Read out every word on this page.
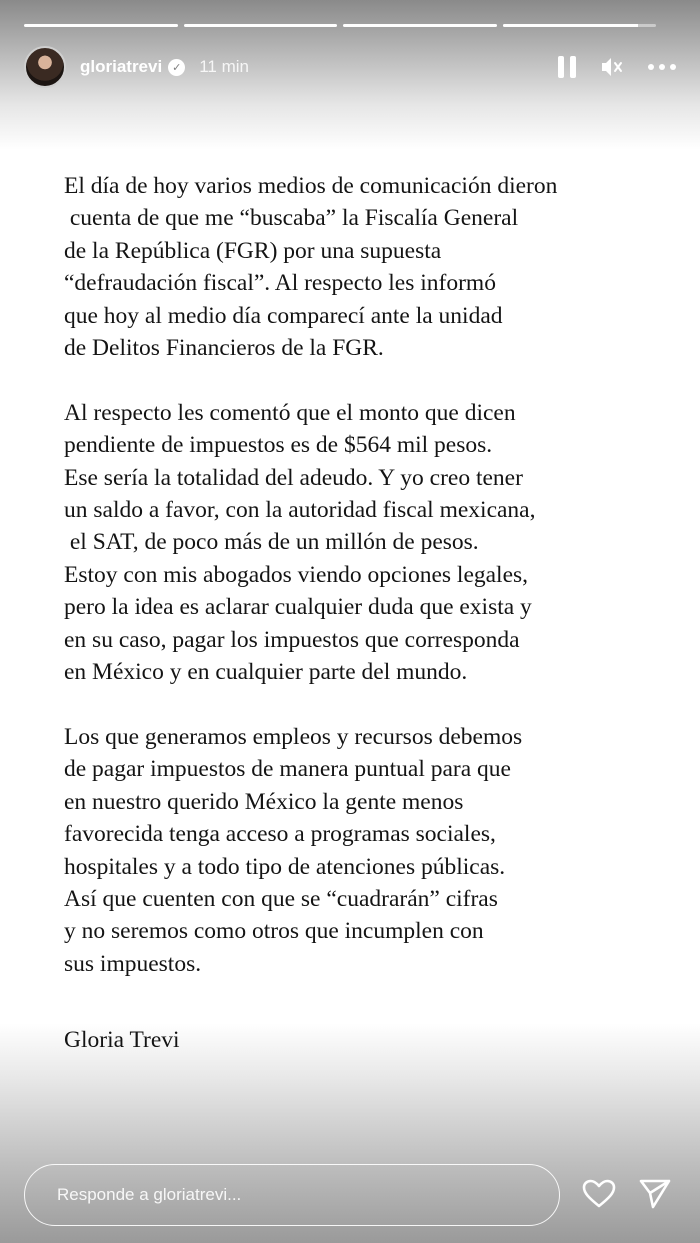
gloriatrevi ✓ 11 min
El día de hoy varios medios de comunicación dieron
cuenta de que me “buscaba” la Fiscalía General
de la República (FGR) por una supuesta
“defraudación fiscal”. Al respecto les informó
que hoy al medio día comparecí ante la unidad
de Delitos Financieros de la FGR.
Al respecto les comentó que el monto que dicen
pendiente de impuestos es de $564 mil pesos.
Ese sería la totalidad del adeudo. Y yo creo tener
un saldo a favor, con la autoridad fiscal mexicana,
el SAT, de poco más de un millón de pesos.
Estoy con mis abogados viendo opciones legales,
pero la idea es aclarar cualquier duda que exista y
en su caso, pagar los impuestos que corresponda
en México y en cualquier parte del mundo.
Los que generamos empleos y recursos debemos
de pagar impuestos de manera puntual para que
en nuestro querido México la gente menos
favorecida tenga acceso a programas sociales,
hospitales y a todo tipo de atenciones públicas.
Así que cuenten con que se “cuadrarán” cifras
y no seremos como otros que incumplen con
sus impuestos.
Gloria Trevi
Responde a gloriatrevi...
